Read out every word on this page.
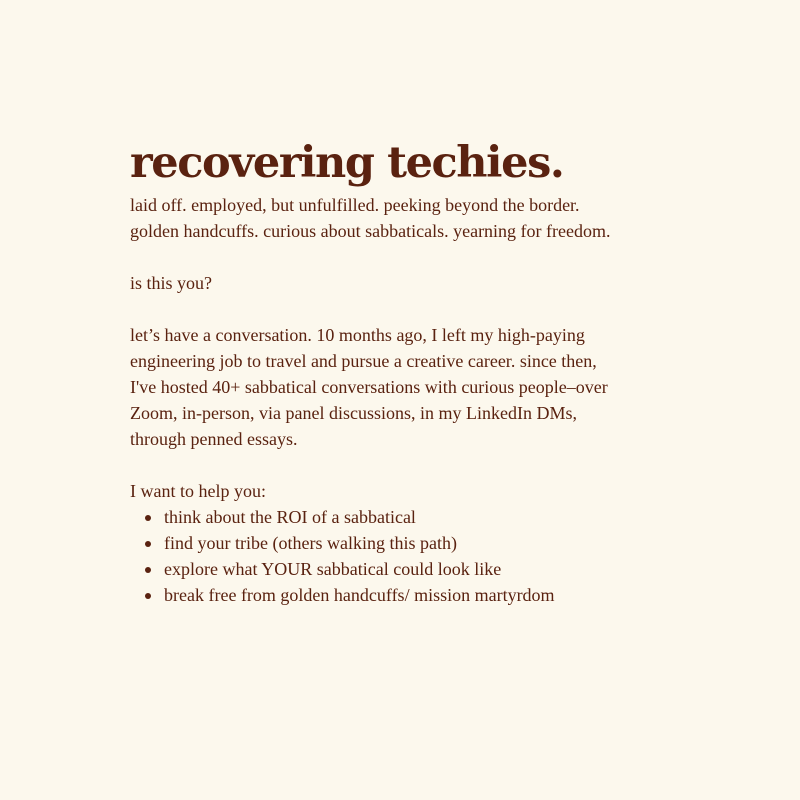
recovering techies.

laid off. employed, but unfulfilled. peeking beyond the border.
golden handcuffs. curious about sabbaticals. yearning for freedom.

is this you?

let’s have a conversation. 10 months ago, I left my high-paying
engineering job to travel and pursue a creative career. since then,
I've hosted 40+ sabbatical conversations with curious people–over
Zoom, in-person, via panel discussions, in my LinkedIn DMs,
through penned essays.

I want to help you:

think about the ROI of a sabbatical
find your tribe (others walking this path)
explore what YOUR sabbatical could look like
break free from golden handcuffs/ mission martyrdom
